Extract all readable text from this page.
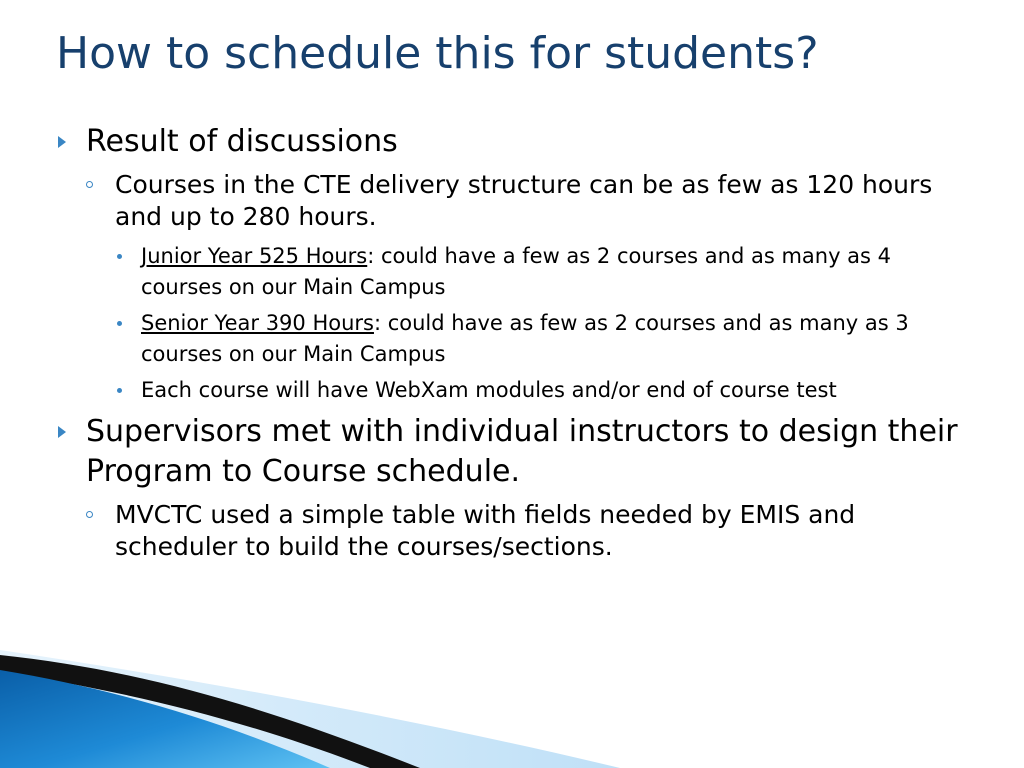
How to schedule this for students?

Result of discussions

Courses in the CTE delivery structure can be as few as 120 hours and up to 280 hours.

Junior Year 525 Hours: could have a few as 2 courses and as many as 4 courses on our Main Campus

Senior Year 390 Hours: could have as few as 2 courses and as many as 3 courses on our Main Campus

Each course will have WebXam modules and/or end of course test

Supervisors met with individual instructors to design their Program to Course schedule.

MVCTC used a simple table with fields needed by EMIS and scheduler to build the courses/sections.
